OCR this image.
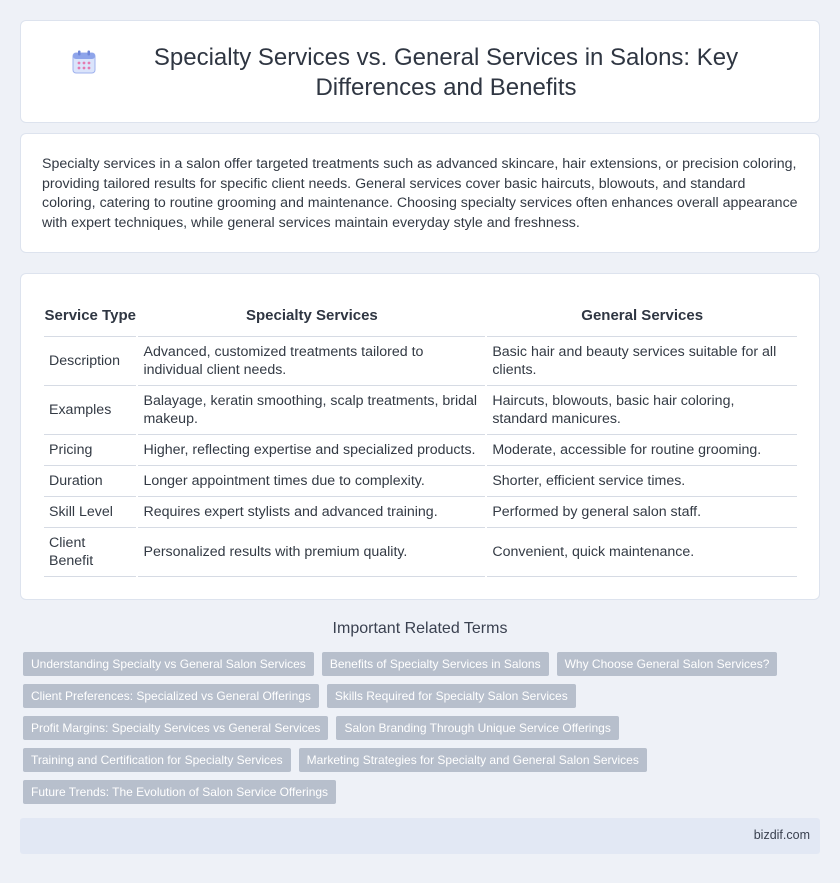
Specialty Services vs. General Services in Salons: Key Differences and Benefits

Specialty services in a salon offer targeted treatments such as advanced skincare, hair extensions, or precision coloring, providing tailored results for specific client needs. General services cover basic haircuts, blowouts, and standard coloring, catering to routine grooming and maintenance. Choosing specialty services often enhances overall appearance with expert techniques, while general services maintain everyday style and freshness.

Service Type	Specialty Services	General Services
Description	Advanced, customized treatments tailored to individual client needs.	Basic hair and beauty services suitable for all clients.
Examples	Balayage, keratin smoothing, scalp treatments, bridal makeup.	Haircuts, blowouts, basic hair coloring, standard manicures.
Pricing	Higher, reflecting expertise and specialized products.	Moderate, accessible for routine grooming.
Duration	Longer appointment times due to complexity.	Shorter, efficient service times.
Skill Level	Requires expert stylists and advanced training.	Performed by general salon staff.
Client Benefit	Personalized results with premium quality.	Convenient, quick maintenance.
Important Related Terms
Understanding Specialty vs General Salon Services	Benefits of Specialty Services in Salons	Why Choose General Salon Services?
Client Preferences: Specialized vs General Offerings	Skills Required for Specialty Salon Services
Profit Margins: Specialty Services vs General Services	Salon Branding Through Unique Service Offerings
Training and Certification for Specialty Services	Marketing Strategies for Specialty and General Salon Services
Future Trends: The Evolution of Salon Service Offerings
bizdif.com
